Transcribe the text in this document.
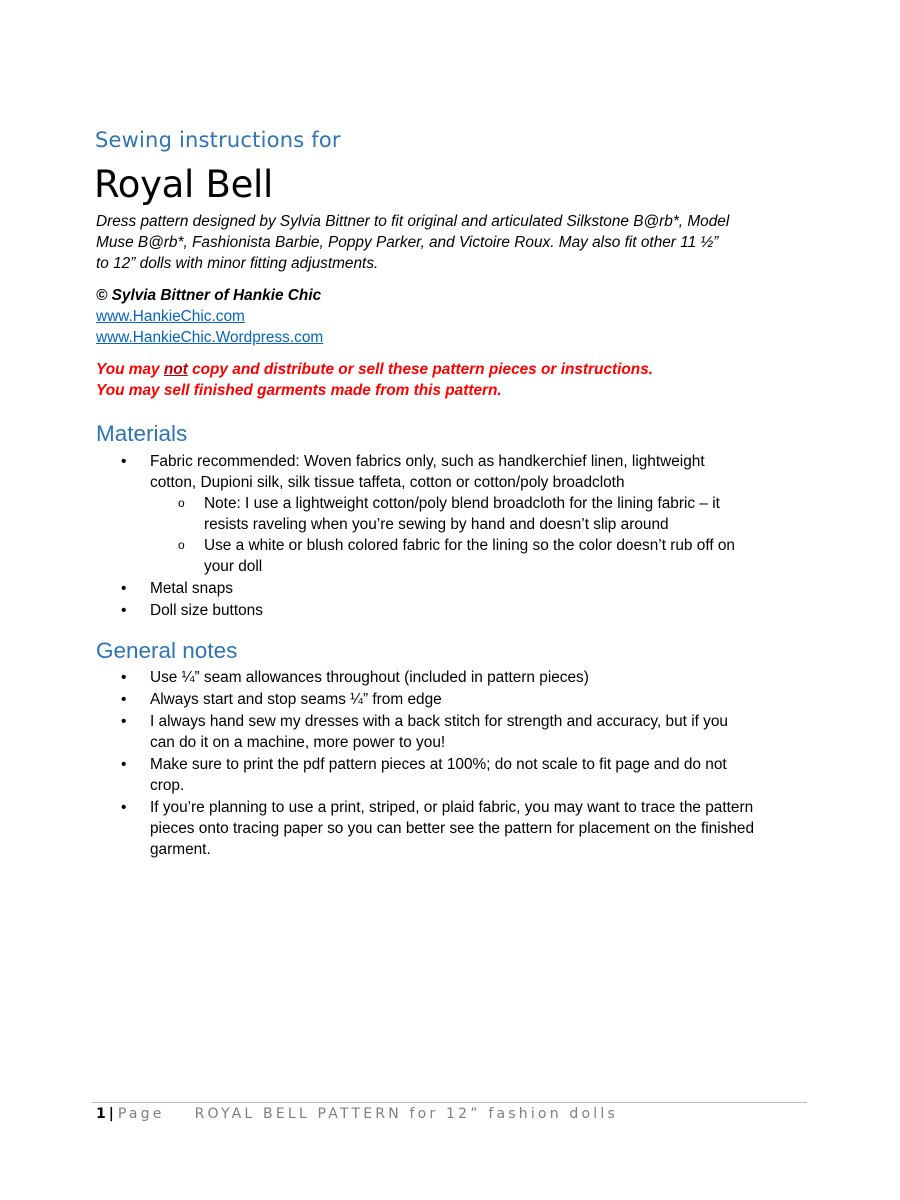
Sewing instructions for
Royal Bell
Dress pattern designed by Sylvia Bittner to fit original and articulated Silkstone B@rb*, Model
Muse B@rb*, Fashionista Barbie, Poppy Parker, and Victoire Roux. May also fit other 11 ½”
to 12” dolls with minor fitting adjustments.
© Sylvia Bittner of Hankie Chic
www.HankieChic.com
www.HankieChic.Wordpress.com
You may not copy and distribute or sell these pattern pieces or instructions.
You may sell finished garments made from this pattern.
Materials
• Fabric recommended: Woven fabrics only, such as handkerchief linen, lightweight
cotton, Dupioni silk, silk tissue taffeta, cotton or cotton/poly broadcloth
o Note: I use a lightweight cotton/poly blend broadcloth for the lining fabric – it
resists raveling when you’re sewing by hand and doesn’t slip around
o Use a white or blush colored fabric for the lining so the color doesn’t rub off on
your doll
• Metal snaps
• Doll size buttons
General notes
• Use ¼” seam allowances throughout (included in pattern pieces)
• Always start and stop seams ¼” from edge
• I always hand sew my dresses with a back stitch for strength and accuracy, but if you
can do it on a machine, more power to you!
• Make sure to print the pdf pattern pieces at 100%; do not scale to fit page and do not
crop.
• If you’re planning to use a print, striped, or plaid fabric, you may want to trace the pattern
pieces onto tracing paper so you can better see the pattern for placement on the finished
garment.
1 | Page ROYAL BELL PATTERN for 12” fashion dolls
